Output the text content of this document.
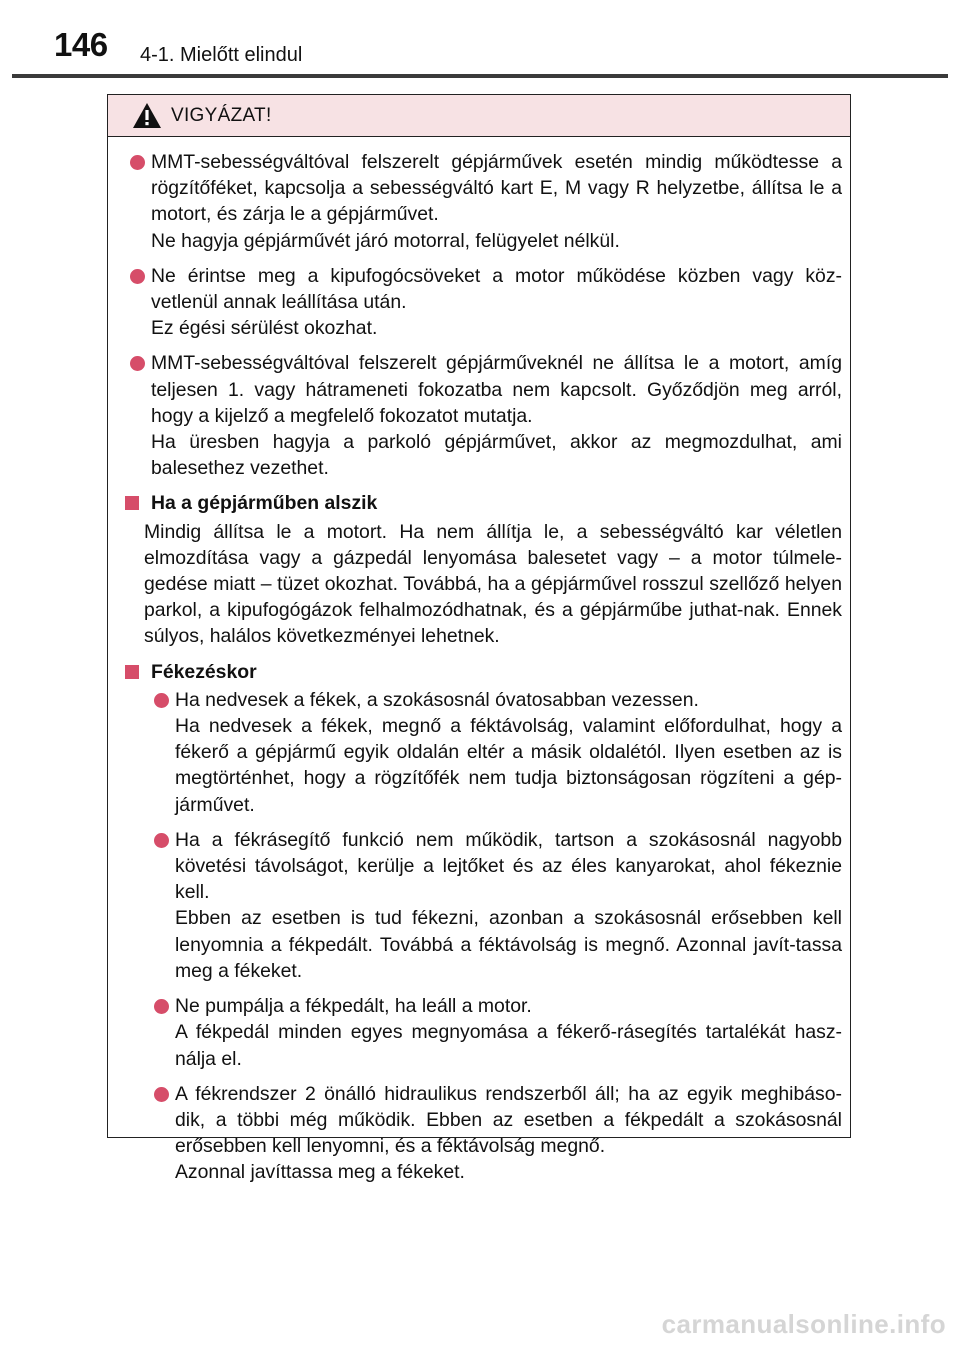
146 4-1. Mielőtt elindul
VIGYÁZAT!

MMT-sebességváltóval felszerelt gépjárművek esetén mindig működtesse a rögzítőféket, kapcsolja a sebességváltó kart E, M vagy R helyzetbe, állítsa le a motort, és zárja le a gépjárművet.

Ne hagyja gépjárművét járó motorral, felügyelet nélkül.

Ne érintse meg a kipufogócsöveket a motor működése közben vagy köz-vetlenül annak leállítása után.

Ez égési sérülést okozhat.

MMT-sebességváltóval felszerelt gépjárműveknél ne állítsa le a motort, amíg teljesen 1. vagy hátrameneti fokozatba nem kapcsolt. Győződjön meg arról, hogy a kijelző a megfelelő fokozatot mutatja.

Ha üresben hagyja a parkoló gépjárművet, akkor az megmozdulhat, ami balesethez vezethet.

Ha a gépjárműben alszik

Mindig állítsa le a motort. Ha nem állítja le, a sebességváltó kar véletlen elmozdítása vagy a gázpedál lenyomása balesetet vagy – a motor túlmele-gedése miatt – tüzet okozhat. Továbbá, ha a gépjárművel rosszul szellőző helyen parkol, a kipufogógázok felhalmozódhatnak, és a gépjárműbe juthat-nak. Ennek súlyos, halálos következményei lehetnek.

Fékezéskor

Ha nedvesek a fékek, a szokásosnál óvatosabban vezessen.

Ha nedvesek a fékek, megnő a féktávolság, valamint előfordulhat, hogy a fékerő a gépjármű egyik oldalán eltér a másik oldalétól. Ilyen esetben az is megtörténhet, hogy a rögzítőfék nem tudja biztonságosan rögzíteni a gép-járművet.

Ha a fékrásegítő funkció nem működik, tartson a szokásosnál nagyobb követési távolságot, kerülje a lejtőket és az éles kanyarokat, ahol fékeznie kell.

Ebben az esetben is tud fékezni, azonban a szokásosnál erősebben kell lenyomnia a fékpedált. Továbbá a féktávolság is megnő. Azonnal javít-tassa meg a fékeket.

Ne pumpálja a fékpedált, ha leáll a motor.

A fékpedál minden egyes megnyomása a fékerő-rásegítés tartalékát hasz-nálja el.

A fékrendszer 2 önálló hidraulikus rendszerből áll; ha az egyik meghibáso-dik, a többi még működik. Ebben az esetben a fékpedált a szokásosnál erősebben kell lenyomni, és a féktávolság megnő.

Azonnal javíttassa meg a fékeket.

carmanualsonline.info
